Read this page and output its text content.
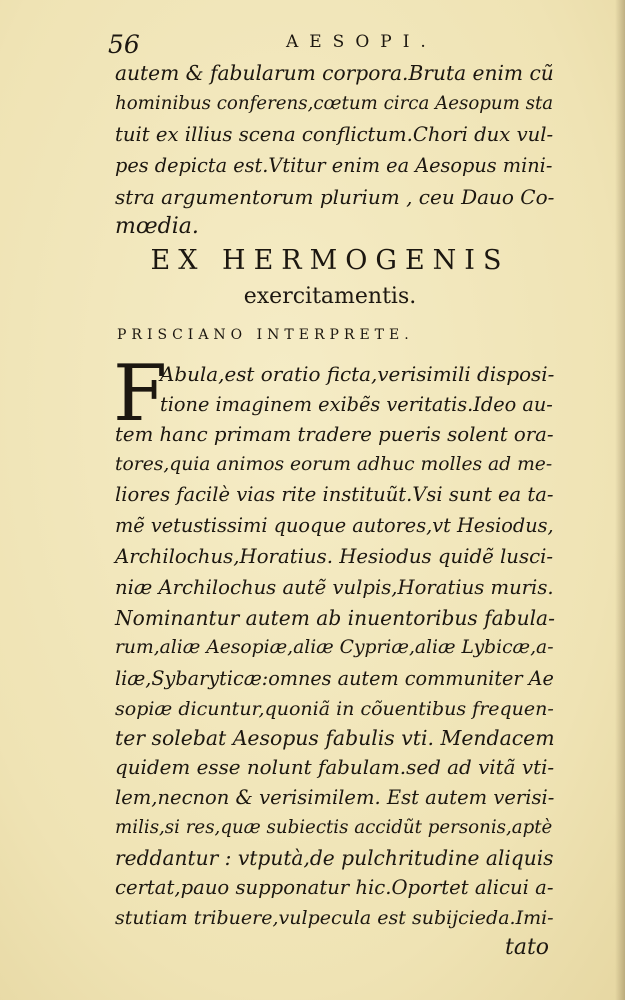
56	AESOPI.
autem & fabularum corpora.Bruta enim cũ
hominibus conferens,cœtum circa Aesopum sta
tuit ex illius scena conflictum.Chori dux vul-
pes depicta est.Vtitur enim ea Aesopus mini-
stra argumentorum plurium , ceu Dauo Co-
mœdia.
EX HERMOGENIS
exercitamentis.
PRISCIANO INTERPRETE.
F
Abula,est oratio ficta,verisimili disposi-
tione imaginem exibẽs veritatis.Ideo au-
tem hanc primam tradere pueris solent ora-
tores,quia animos eorum adhuc molles ad me-
liores facilè vias rite instituũt.Vsi sunt ea ta-
mẽ vetustissimi quoque autores,vt Hesiodus,
Archilochus,Horatius. Hesiodus quidẽ lusci-
niæ Archilochus autẽ vulpis,Horatius muris.
Nominantur autem ab inuentoribus fabula-
rum,aliæ Aesopiæ,aliæ Cypriæ,aliæ Lybicæ,a-
liæ,Sybaryticæ:omnes autem communiter Ae
sopiæ dicuntur,quoniã in cõuentibus frequen-
ter solebat Aesopus fabulis vti. Mendacem
quidem esse nolunt fabulam.sed ad vitã vti-
lem,necnon & verisimilem. Est autem verisi-
milis,si res,quæ subiectis accidũt personis,aptè
reddantur : vtputà,de pulchritudine aliquis
certat,pauo supponatur hic.Oportet alicui a-
stutiam tribuere,vulpecula est subijcieda.Imi-
tato
